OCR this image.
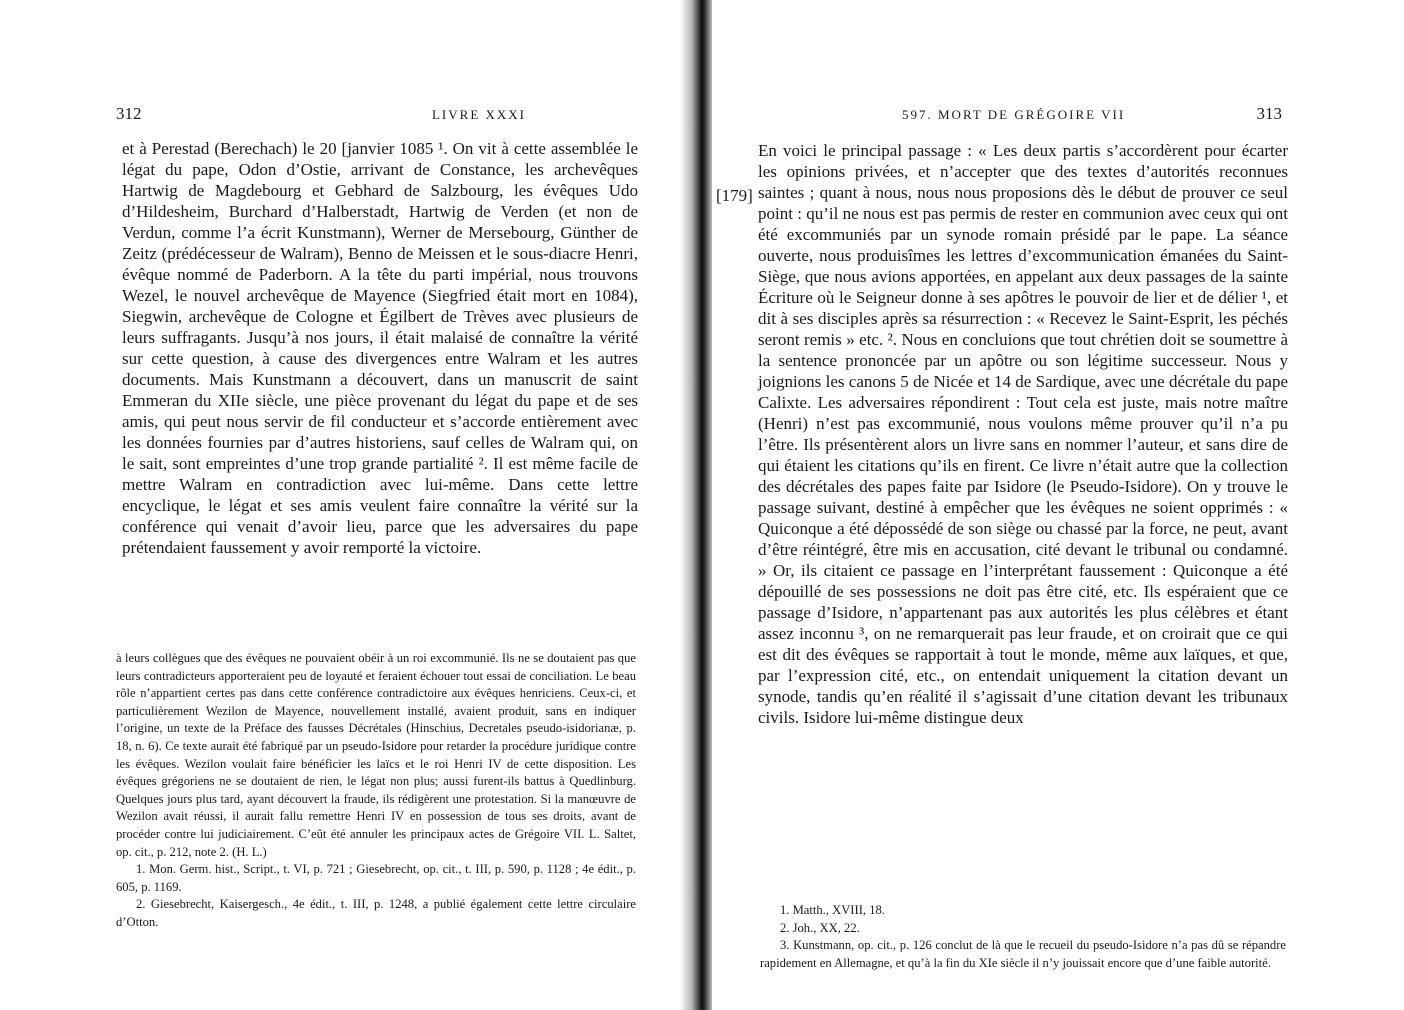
312	LIVRE XXXI

et à Perestad (Berechach) le 20 [janvier 1085 ¹. On vit à cette assemblée le légat du pape, Odon d’Ostie, arrivant de Constance, les archevêques Hartwig de Magdebourg et Gebhard de Salzbourg, les évêques Udo d’Hildesheim, Burchard d’Halberstadt, Hartwig de Verden (et non de Verdun, comme l’a écrit Kunstmann), Werner de Mersebourg, Günther de Zeitz (prédécesseur de Walram), Benno de Meissen et le sous-diacre Henri, évêque nommé de Paderborn. A la tête du parti impérial, nous trouvons Wezel, le nouvel archevêque de Mayence (Siegfried était mort en 1084), Siegwin, archevêque de Cologne et Égilbert de Trèves avec plusieurs de leurs suffragants. Jusqu’à nos jours, il était malaisé de connaître la vérité sur cette question, à cause des divergences entre Walram et les autres documents. Mais Kunstmann a découvert, dans un manuscrit de saint Emmeran du XIIe siècle, une pièce provenant du légat du pape et de ses amis, qui peut nous servir de fil conducteur et s’accorde entièrement avec les données fournies par d’autres historiens, sauf celles de Walram qui, on le sait, sont empreintes d’une trop grande partialité ². Il est même facile de mettre Walram en contradiction avec lui-même. Dans cette lettre encyclique, le légat et ses amis veulent faire connaître la vérité sur la conférence qui venait d’avoir lieu, parce que les adversaires du pape prétendaient faussement y avoir remporté la victoire.

à leurs collègues que des évêques ne pouvaient obéir à un roi excommunié. Ils ne se doutaient pas que leurs contradicteurs apporteraient peu de loyauté et feraient échouer tout essai de conciliation. Le beau rôle n’appartient certes pas dans cette conférence contradictoire aux évêques henriciens. Ceux-ci, et particulièrement Wezilon de Mayence, nouvellement installé, avaient produit, sans en indiquer l’origine, un texte de la Préface des fausses Décrétales (Hinschius, Decretales pseudo-isidorianæ, p. 18, n. 6). Ce texte aurait été fabriqué par un pseudo-Isidore pour retarder la procédure juridique contre les évêques. Wezilon voulait faire bénéficier les laïcs et le roi Henri IV de cette disposition. Les évêques grégoriens ne se doutaient de rien, le légat non plus; aussi furent-ils battus à Quedlinburg. Quelques jours plus tard, ayant découvert la fraude, ils rédigèrent une protestation. Si la manœuvre de Wezilon avait réussi, il aurait fallu remettre Henri IV en possession de tous ses droits, avant de procéder contre lui judiciairement. C’eût été annuler les principaux actes de Grégoire VII. L. Saltet, op. cit., p. 212, note 2. (H. L.)

1. Mon. Germ. hist., Script., t. VI, p. 721 ; Giesebrecht, op. cit., t. III, p. 590, p. 1128 ; 4e édit., p. 605, p. 1169.

2. Giesebrecht, Kaisergesch., 4e édit., t. III, p. 1248, a publié également cette lettre circulaire d’Otton.

597. MORT DE GRÉGOIRE VII	313
[179]

En voici le principal passage : « Les deux partis s’accordèrent pour écarter les opinions privées, et n’accepter que des textes d’autorités reconnues saintes ; quant à nous, nous nous proposions dès le début de prouver ce seul point : qu’il ne nous est pas permis de rester en communion avec ceux qui ont été excommuniés par un synode romain présidé par le pape. La séance ouverte, nous produisîmes les lettres d’excommunication émanées du Saint-Siège, que nous avions apportées, en appelant aux deux passages de la sainte Écriture où le Seigneur donne à ses apôtres le pouvoir de lier et de délier ¹, et dit à ses disciples après sa résurrection : « Recevez le Saint-Esprit, les péchés seront remis » etc. ². Nous en concluions que tout chrétien doit se soumettre à la sentence prononcée par un apôtre ou son légitime successeur. Nous y joignions les canons 5 de Nicée et 14 de Sardique, avec une décrétale du pape Calixte. Les adversaires répondirent : Tout cela est juste, mais notre maître (Henri) n’est pas excommunié, nous voulons même prouver qu’il n’a pu l’être. Ils présentèrent alors un livre sans en nommer l’auteur, et sans dire de qui étaient les citations qu’ils en firent. Ce livre n’était autre que la collection des décrétales des papes faite par Isidore (le Pseudo-Isidore). On y trouve le passage suivant, destiné à empêcher que les évêques ne soient opprimés : « Quiconque a été dépossédé de son siège ou chassé par la force, ne peut, avant d’être réintégré, être mis en accusation, cité devant le tribunal ou condamné. » Or, ils citaient ce passage en l’interprétant faussement : Quiconque a été dépouillé de ses possessions ne doit pas être cité, etc. Ils espéraient que ce passage d’Isidore, n’appartenant pas aux autorités les plus célèbres et étant assez inconnu ³, on ne remarquerait pas leur fraude, et on croirait que ce qui est dit des évêques se rapportait à tout le monde, même aux laïques, et que, par l’expression cité, etc., on entendait uniquement la citation devant un synode, tandis qu’en réalité il s’agissait d’une citation devant les tribunaux civils. Isidore lui-même distingue deux

1. Matth., XVIII, 18.

2. Joh., XX, 22.

3. Kunstmann, op. cit., p. 126 conclut de là que le recueil du pseudo-Isidore n’a pas dû se répandre rapidement en Allemagne, et qu’à la fin du XIe siècle il n’y jouissait encore que d’une faible autorité.
